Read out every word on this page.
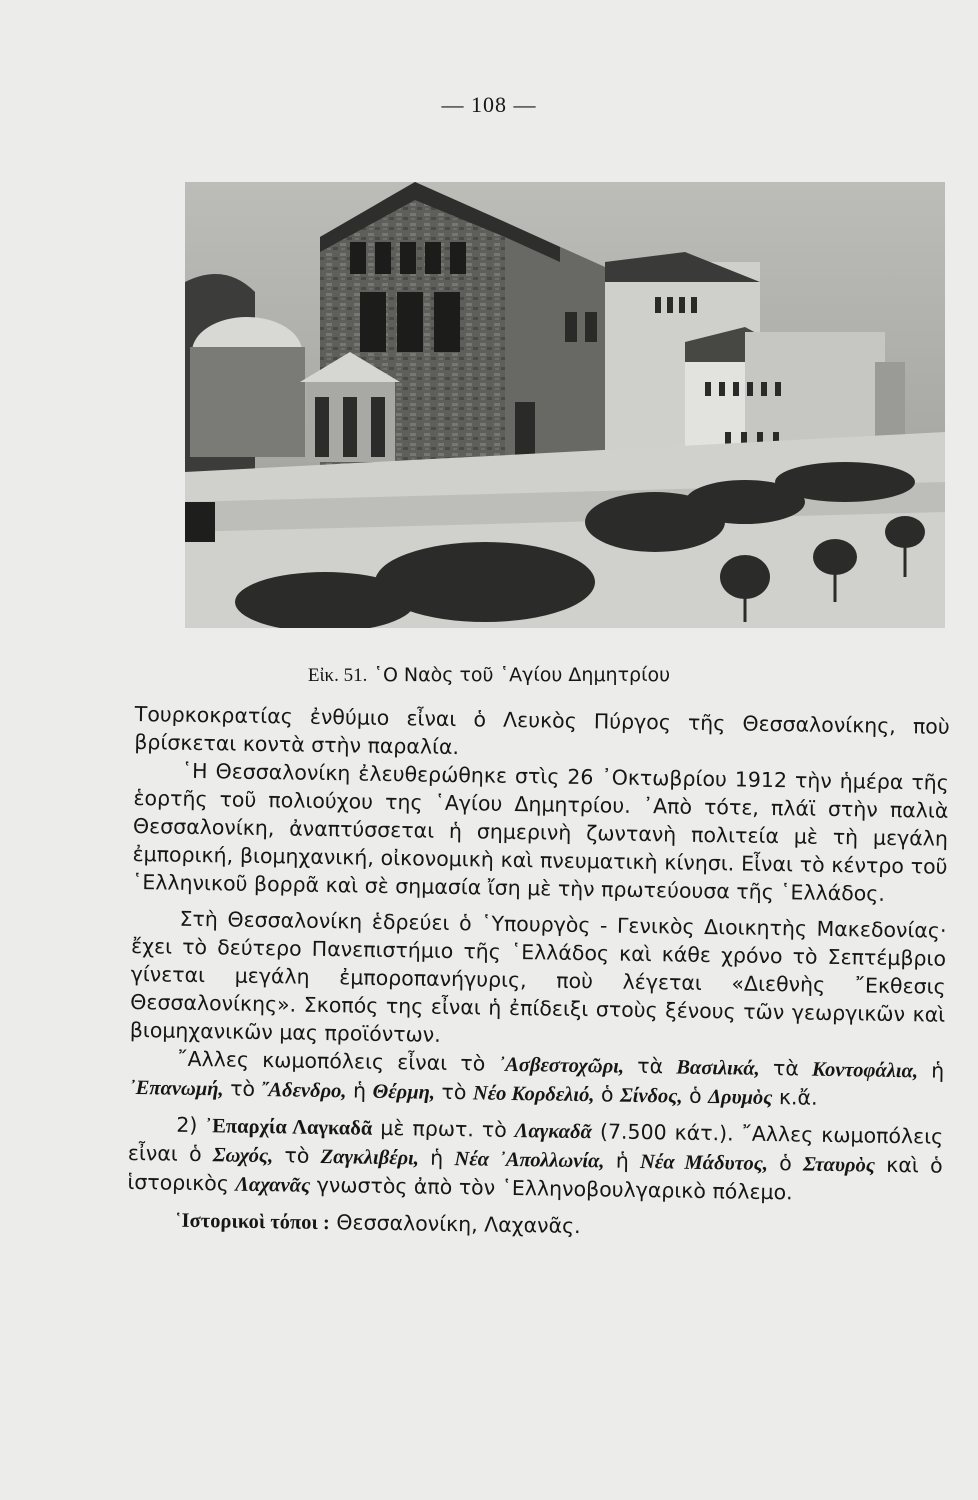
— 108 —
Εἰκ. 51. ῾Ο Ναὸς τοῦ ῾Αγίου Δημητρίου

Τουρκοκρατίας ἐνθύμιο εἶναι ὁ Λευκὸς Πύργος τῆς Θεσσαλονίκης, ποὺ βρίσκεται κοντὰ στὴν παραλία.

῾Η Θεσσαλονίκη ἐλευθερώθηκε στὶς 26 ᾿Οκτωβρίου 1912 τὴν ἡμέρα τῆς ἑορτῆς τοῦ πολιούχου της ῾Αγίου Δημητρίου. ᾿Απὸ τότε, πλάϊ στὴν παλιὰ Θεσσαλονίκη, ἀναπτύσσεται ἡ σημερινὴ ζωντανὴ πολιτεία μὲ τὴ μεγάλη ἐμπορική, βιομηχανική, οἰκονομικὴ καὶ πνευματικὴ κίνησι. Εἶναι τὸ κέντρο τοῦ ῾Ελληνικοῦ βορρᾶ καὶ σὲ σημασία ἴση μὲ τὴν πρωτεύουσα τῆς ῾Ελλάδος.

Στὴ Θεσσαλονίκη ἑδρεύει ὁ ῾Υπουργὸς - Γενικὸς Διοικητὴς Μακεδονίας· ἔχει τὸ δεύτερο Πανεπιστήμιο τῆς ῾Ελλάδος καὶ κάθε χρόνο τὸ Σεπτέμβριο γίνεται μεγάλη ἐμποροπανήγυρις, ποὺ λέγεται «Διεθνὴς ῎Εκθεσις Θεσσαλονίκης». Σκοπός της εἶναι ἡ ἐπίδειξι στοὺς ξένους τῶν γεωργικῶν καὶ βιομηχανικῶν μας προϊόντων.

῎Αλλες κωμοπόλεις εἶναι τὸ ᾿Ασβεστοχῶρι, τὰ Βασιλικά, τὰ Κοντοφάλια, ἡ ᾿Επανωμή, τὸ ῎Αδενδρο, ἡ Θέρμη, τὸ Νέο Κορδελιό, ὁ Σίνδος, ὁ Δρυμὸς κ.ἄ.

2) ᾿Επαρχία Λαγκαδᾶ μὲ πρωτ. τὸ Λαγκαδᾶ (7.500 κάτ.). ῎Αλλες κωμοπόλεις εἶναι ὁ Σωχός, τὸ Ζαγκλιβέρι, ἡ Νέα ᾿Απολλωνία, ἡ Νέα Μάδυτος, ὁ Σταυρὸς καὶ ὁ ἱστορικὸς Λαχανᾶς γνωστὸς ἀπὸ τὸν ῾Ελληνοβουλγαρικὸ πόλεμο.

῾Ιστορικοὶ τόποι : Θεσσαλονίκη, Λαχανᾶς.
